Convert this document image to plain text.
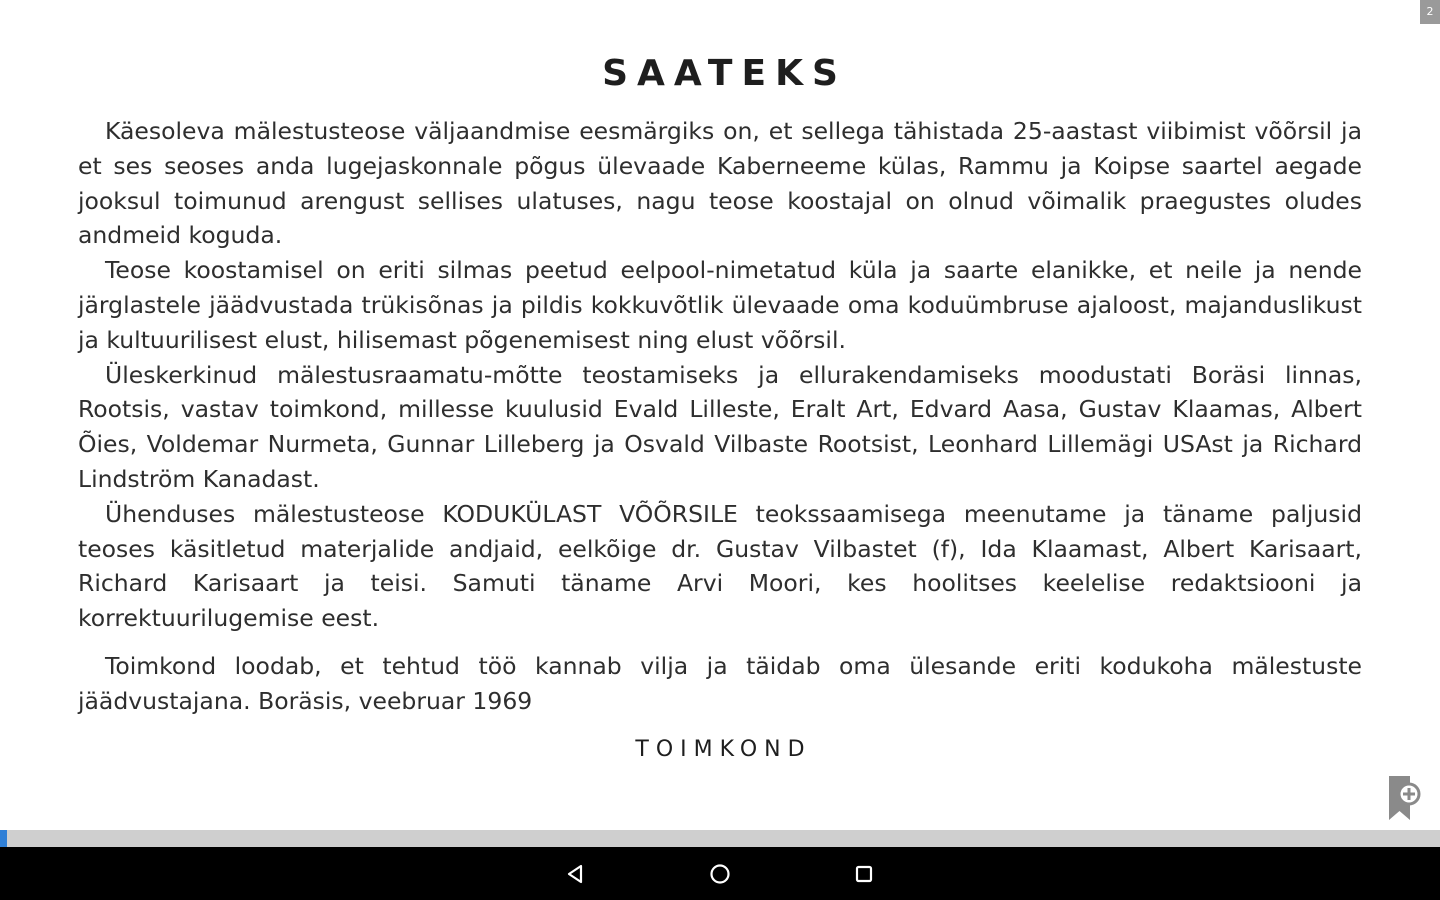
2
SAATEKS

Käesoleva mälestusteose väljaandmise eesmärgiks on, et sellega tähistada 25-aastast viibimist võõrsil ja et ses seoses anda lugejaskonnale põgus ülevaade Kaberneeme külas, Rammu ja Koipse saartel aegade jooksul toimunud arengust sellises ulatuses, nagu teose koostajal on olnud võimalik praegustes oludes andmeid koguda.

Teose koostamisel on eriti silmas peetud eelpool-nimetatud küla ja saarte elanikke, et neile ja nende järglastele jäädvustada trükisõnas ja pildis kokkuvõtlik ülevaade oma koduümbruse ajaloost, majanduslikust ja kultuurilisest elust, hilisemast põgenemisest ning elust võõrsil.

Üleskerkinud mälestusraamatu-mõtte teostamiseks ja ellurakendamiseks moodustati Boräsi linnas, Rootsis, vastav toimkond, millesse kuulusid Evald Lilleste, Eralt Art, Edvard Aasa, Gustav Klaamas, Albert Õies, Voldemar Nurmeta, Gunnar Lilleberg ja Osvald Vilbaste Rootsist, Leonhard Lillemägi USAst ja Richard Lindström Kanadast.

Ühenduses mälestusteose KODUKÜLAST VÕÕRSILE teokssaamisega meenutame ja täname paljusid teoses käsitletud materjalide andjaid, eelkõige dr. Gustav Vilbastet (f), Ida Klaamast, Albert Karisaart, Richard Karisaart ja teisi. Samuti täname Arvi Moori, kes hoolitses keelelise redaktsiooni ja korrektuurilugemise eest.

Toimkond loodab, et tehtud töö kannab vilja ja täidab oma ülesande eriti kodukoha mälestuste jäädvustajana. Boräsis, veebruar 1969

TOIMKOND
